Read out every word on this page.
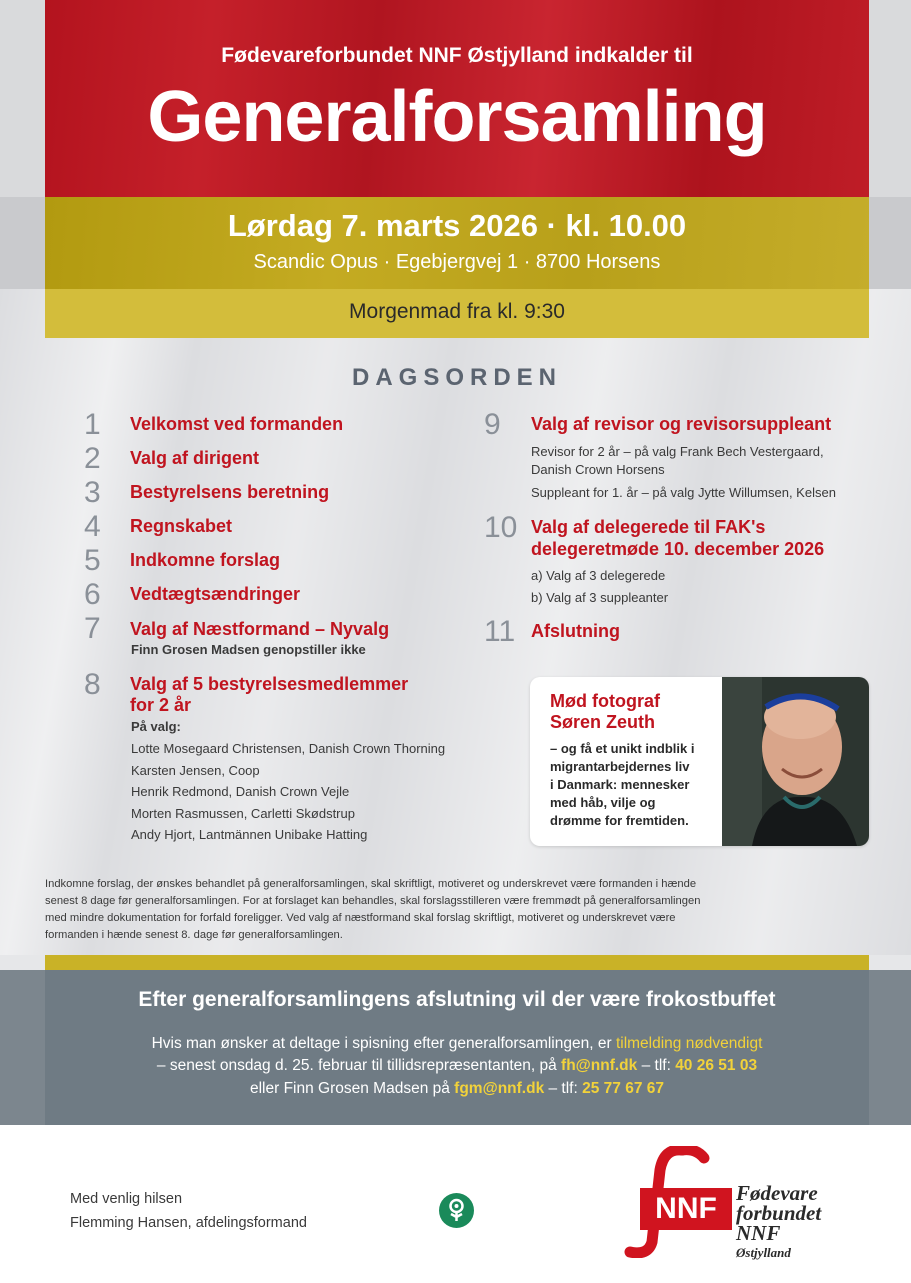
Fødevareforbundet NNF Østjylland indkalder til
Generalforsamling
Lørdag 7. marts 2026 · kl. 10.00
Scandic Opus · Egebjergvej 1 · 8700 Horsens
Morgenmad fra kl. 9:30
DAGSORDEN
1 Velkomst ved formanden
2 Valg af dirigent
3 Bestyrelsens beretning
4 Regnskabet
5 Indkomne forslag
6 Vedtægtsændringer
7 Valg af Næstformand – Nyvalg
Finn Grosen Madsen genopstiller ikke
8 Valg af 5 bestyrelsesmedlemmer
for 2 år
På valg:
Lotte Mosegaard Christensen, Danish Crown Thorning
Karsten Jensen, Coop
Henrik Redmond, Danish Crown Vejle
Morten Rasmussen, Carletti Skødstrup
Andy Hjort, Lantmännen Unibake Hatting
9 Valg af revisor og revisorsuppleant
Revisor for 2 år – på valg Frank Bech Vestergaard,
Danish Crown Horsens
Suppleant for 1. år – på valg Jytte Willumsen, Kelsen
10 Valg af delegerede til FAK's
delegeretmøde 10. december 2026
a) Valg af 3 delegerede
b) Valg af 3 suppleanter
11 Afslutning
Mød fotograf
Søren Zeuth
– og få et unikt indblik i
migrantarbejdernes liv
i Danmark: mennesker
med håb, vilje og
drømme for fremtiden.
Indkomne forslag, der ønskes behandlet på generalforsamlingen, skal skriftligt, motiveret og underskrevet være formanden i hænde
senest 8 dage før generalforsamlingen. For at forslaget kan behandles, skal forslagsstilleren være fremmødt på generalforsamlingen
med mindre dokumentation for forfald foreligger. Ved valg af næstformand skal forslag skriftligt, motiveret og underskrevet være
formanden i hænde senest 8. dage før generalforsamlingen.
Efter generalforsamlingens afslutning vil der være frokostbuffet
Hvis man ønsker at deltage i spisning efter generalforsamlingen, er tilmelding nødvendigt
– senest onsdag d. 25. februar til tillidsrepræsentanten, på fh@nnf.dk – tlf: 40 26 51 03
eller Finn Grosen Madsen på fgm@nnf.dk – tlf: 25 77 67 67
Med venlig hilsen
Flemming Hansen, afdelingsformand	NNF Fødevare
forbundet
NNF
Østjylland
